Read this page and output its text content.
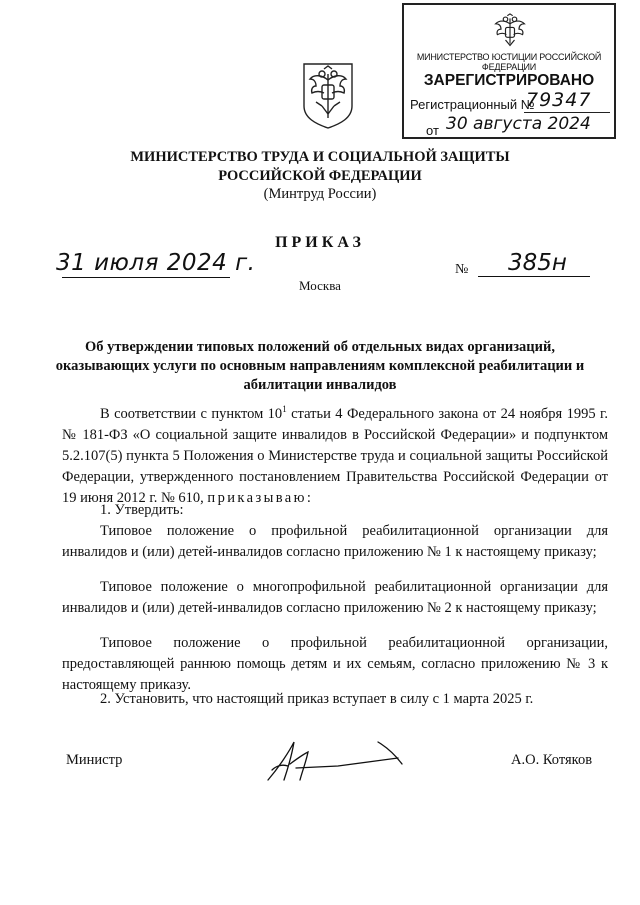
МИНИСТЕРСТВО ЮСТИЦИИ РОССИЙСКОЙ ФЕДЕРАЦИИ
ЗАРЕГИСТРИРОВАНО
Регистрационный №
79347
от 30 августа 2024
МИНИСТЕРСТВО ТРУДА И СОЦИАЛЬНОЙ ЗАЩИТЫ
РОССИЙСКОЙ ФЕДЕРАЦИИ
(Минтруд России)
ПРИКАЗ
31 июля 2024 г.	№ 385н
Москва
Об утверждении типовых положений об отдельных видах организаций, оказывающих услуги по основным направлениям комплексной реабилитации и абилитации инвалидов
В соответствии с пунктом $10^1$ статьи 4 Федерального закона от 24 ноября 1995 г. № 181-ФЗ «О социальной защите инвалидов в Российской Федерации» и подпунктом 5.2.107(5) пункта 5 Положения о Министерстве труда и социальной защиты Российской Федерации, утвержденного постановлением Правительства Российской Федерации от 19 июня 2012 г. № 610, приказываю:
1. Утвердить:
Типовое положение о профильной реабилитационной организации для инвалидов и (или) детей-инвалидов согласно приложению № 1 к настоящему приказу;
Типовое положение о многопрофильной реабилитационной организации для инвалидов и (или) детей-инвалидов согласно приложению № 2 к настоящему приказу;
Типовое положение о профильной реабилитационной организации, предоставляющей раннюю помощь детям и их семьям, согласно приложению № 3 к настоящему приказу.
2. Установить, что настоящий приказ вступает в силу с 1 марта 2025 г.
Министр	А.О. Котяков
